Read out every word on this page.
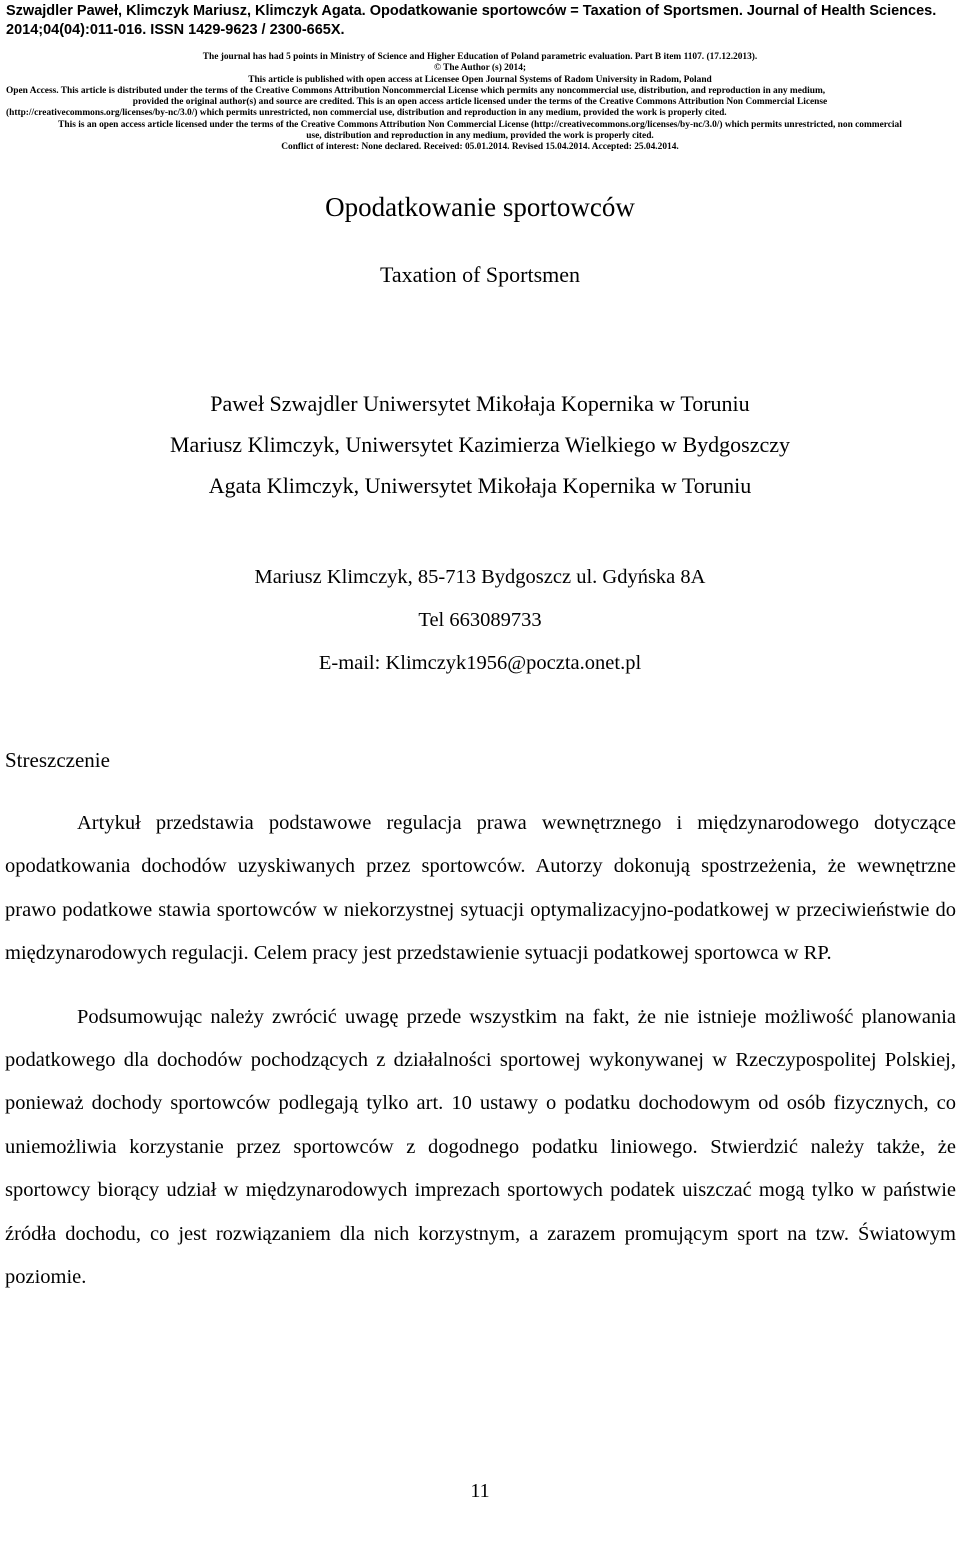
Szwajdler Paweł, Klimczyk Mariusz, Klimczyk Agata. Opodatkowanie sportowców = Taxation of Sportsmen. Journal of Health Sciences. 2014;04(04):011-016. ISSN 1429-9623 / 2300-665X.

The journal has had 5 points in Ministry of Science and Higher Education of Poland parametric evaluation. Part B item 1107. (17.12.2013).
© The Author (s) 2014;
This article is published with open access at Licensee Open Journal Systems of Radom University in Radom, Poland
Open Access. This article is distributed under the terms of the Creative Commons Attribution Noncommercial License which permits any noncommercial use, distribution, and reproduction in any medium,
provided the original author(s) and source are credited. This is an open access article licensed under the terms of the Creative Commons Attribution Non Commercial License
(http://creativecommons.org/licenses/by-nc/3.0/) which permits unrestricted, non commercial use, distribution and reproduction in any medium, provided the work is properly cited.
This is an open access article licensed under the terms of the Creative Commons Attribution Non Commercial License (http://creativecommons.org/licenses/by-nc/3.0/) which permits unrestricted, non commercial
use, distribution and reproduction in any medium, provided the work is properly cited.
Conflict of interest: None declared. Received: 05.01.2014. Revised 15.04.2014. Accepted: 25.04.2014.
Opodatkowanie sportowców
Taxation of Sportsmen
Paweł Szwajdler Uniwersytet Mikołaja Kopernika w Toruniu
Mariusz Klimczyk, Uniwersytet Kazimierza Wielkiego w Bydgoszczy
Agata Klimczyk, Uniwersytet Mikołaja Kopernika w Toruniu
Mariusz Klimczyk, 85-713 Bydgoszcz ul. Gdyńska 8A
Tel 663089733
E-mail: Klimczyk1956@poczta.onet.pl
Streszczenie

Artykuł przedstawia podstawowe regulacja prawa wewnętrznego i międzynarodowego dotyczące opodatkowania dochodów uzyskiwanych przez sportowców. Autorzy dokonują spostrzeżenia, że wewnętrzne prawo podatkowe stawia sportowców w niekorzystnej sytuacji optymalizacyjno-podatkowej w przeciwieństwie do międzynarodowych regulacji. Celem pracy jest przedstawienie sytuacji podatkowej sportowca w RP.

Podsumowując należy zwrócić uwagę przede wszystkim na fakt, że nie istnieje możliwość planowania podatkowego dla dochodów pochodzących z działalności sportowej wykonywanej w Rzeczypospolitej Polskiej, ponieważ dochody sportowców podlegają tylko art. 10 ustawy o podatku dochodowym od osób fizycznych, co uniemożliwia korzystanie przez sportowców z dogodnego podatku liniowego. Stwierdzić należy także, że sportowcy biorący udział w międzynarodowych imprezach sportowych podatek uiszczać mogą tylko w państwie źródła dochodu, co jest rozwiązaniem dla nich korzystnym, a zarazem promującym sport na tzw. Światowym poziomie.

11
